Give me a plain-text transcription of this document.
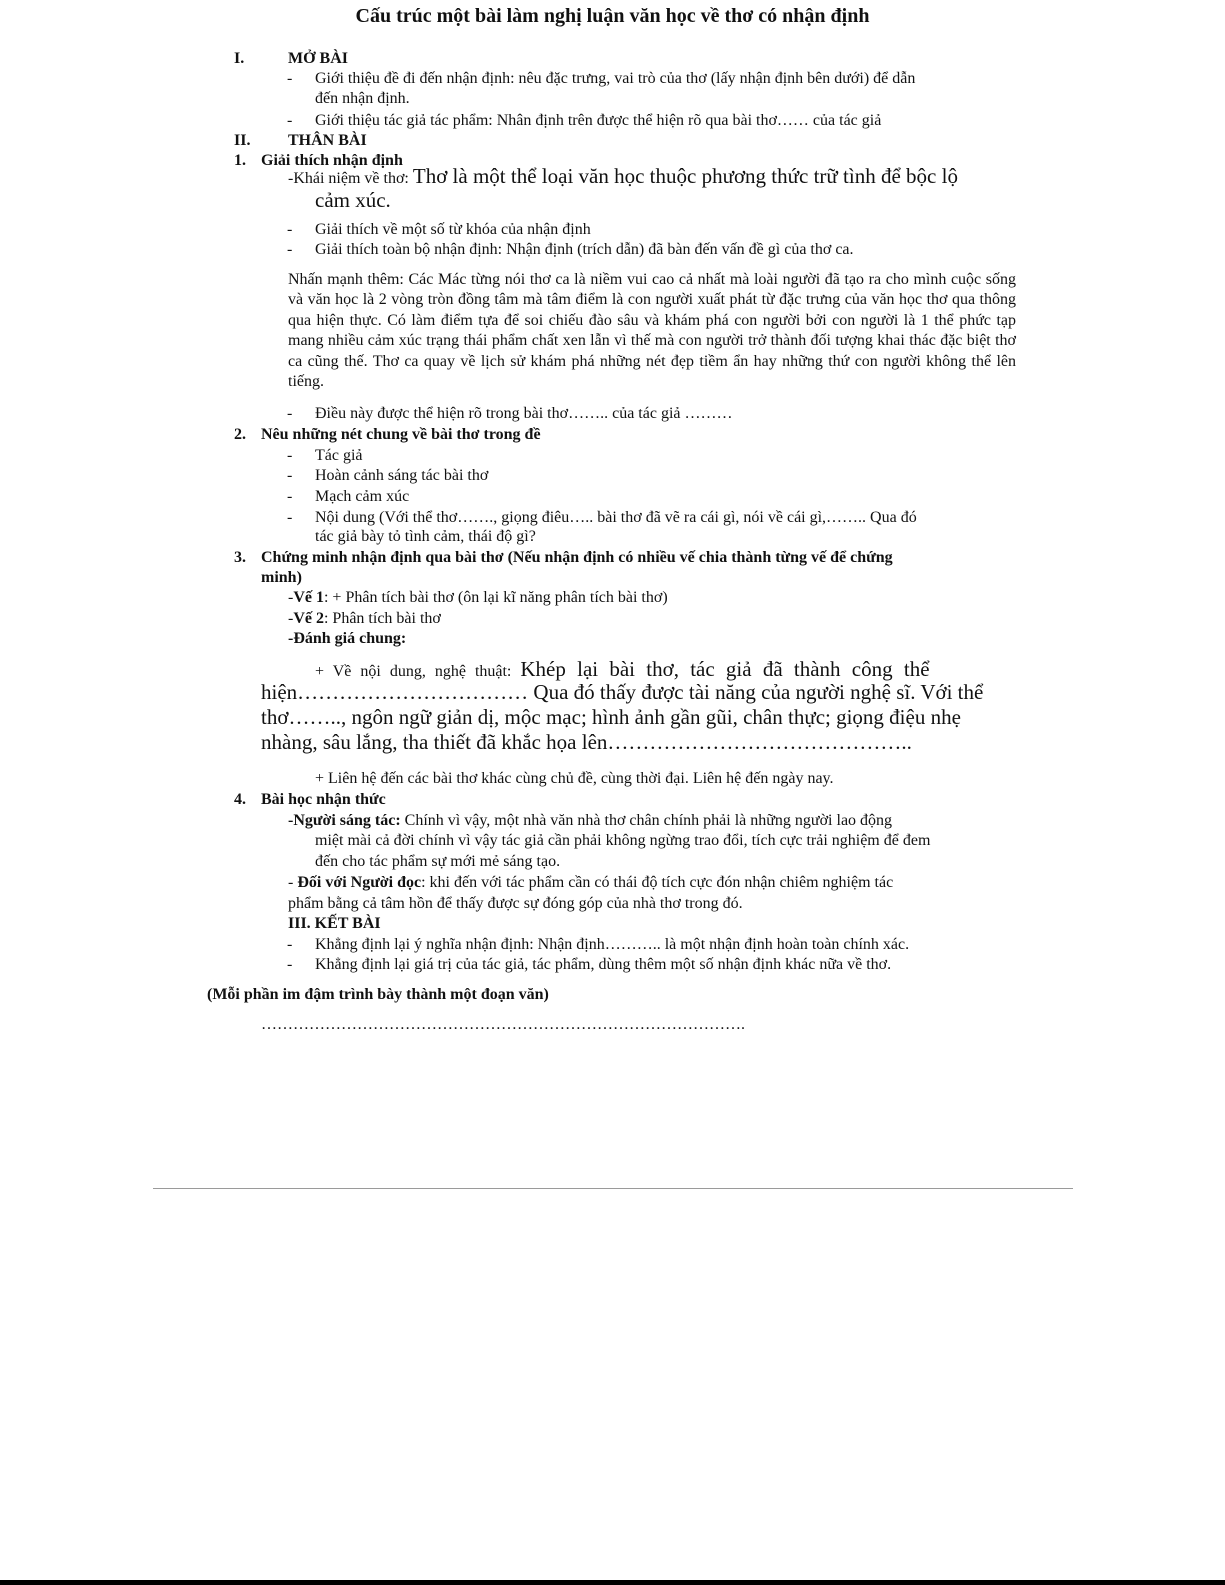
Cấu trúc một bài làm nghị luận văn học về thơ có nhận định
I.	MỞ BÀI
- Giới thiệu đề đi đến nhận định: nêu đặc trưng, vai trò của thơ (lấy nhận định bên dưới) để dẫn
đến nhận định.
- Giới thiệu tác giả tác phẩm: Nhân định trên được thể hiện rõ qua bài thơ…… của tác giả
II. THÂN BÀI
1. Giải thích nhận định
-Khái niệm về thơ: Thơ là một thể loại văn học thuộc phương thức trữ tình để bộc lộ
cảm xúc.
- Giải thích về một số từ khóa của nhận định
- Giải thích toàn bộ nhận định: Nhận định (trích dẫn) đã bàn đến vấn đề gì của thơ ca.
Nhấn mạnh thêm: Các Mác từng nói thơ ca là niềm vui cao cả nhất mà loài người đã tạo ra cho mình cuộc sống và văn học là 2 vòng tròn đồng tâm mà tâm điểm là con người xuất phát từ đặc trưng của văn học thơ qua thông qua hiện thực. Có làm điểm tựa để soi chiếu đào sâu và khám phá con người bởi con người là 1 thể phức tạp mang nhiều cảm xúc trạng thái phẩm chất xen lẫn vì thế mà con người trở thành đối tượng khai thác đặc biệt thơ ca cũng thế. Thơ ca quay về lịch sử khám phá những nét đẹp tiềm ẩn hay những thứ con người không thể lên tiếng.
- Điều này được thể hiện rõ trong bài thơ…….. của tác giả ………
2. Nêu những nét chung về bài thơ trong đề
- Tác giả
- Hoàn cảnh sáng tác bài thơ
- Mạch cảm xúc
- Nội dung (Với thể thơ……., giọng điêu….. bài thơ đã vẽ ra cái gì, nói về cái gì,…….. Qua đó
tác giả bày tỏ tình cảm, thái độ gì?
3. Chứng minh nhận định qua bài thơ (Nếu nhận định có nhiều vế chia thành từng vế để chứng
minh)
-Vế 1: + Phân tích bài thơ (ôn lại kĩ năng phân tích bài thơ)
-Vế 2: Phân tích bài thơ
-Đánh giá chung:
+ Về nội dung, nghệ thuật: Khép lại bài thơ, tác giả đã thành công thể
hiện…………………………… Qua đó thấy được tài năng của người nghệ sĩ. Với thể
thơ…….., ngôn ngữ giản dị, mộc mạc; hình ảnh gần gũi, chân thực; giọng điệu nhẹ
nhàng, sâu lắng, tha thiết đã khắc họa lên……………………………………..
+ Liên hệ đến các bài thơ khác cùng chủ đề, cùng thời đại. Liên hệ đến ngày nay.
4. Bài học nhận thức
-Người sáng tác: Chính vì vậy, một nhà văn nhà thơ chân chính phải là những người lao động
miệt mài cả đời chính vì vậy tác giả cần phải không ngừng trao đổi, tích cực trải nghiệm để đem
đến cho tác phẩm sự mới mẻ sáng tạo.
- Đối với Người đọc: khi đến với tác phẩm cần có thái độ tích cực đón nhận chiêm nghiệm tác
phẩm bằng cả tâm hồn để thấy được sự đóng góp của nhà thơ trong đó.
III. KẾT BÀI
- Khẳng định lại ý nghĩa nhận định: Nhận định……….. là một nhận định hoàn toàn chính xác.
- Khẳng định lại giá trị của tác giả, tác phẩm, dùng thêm một số nhận định khác nữa về thơ.
(Mỗi phần im đậm trình bày thành một đoạn văn)
……………………………………………………………………………….
